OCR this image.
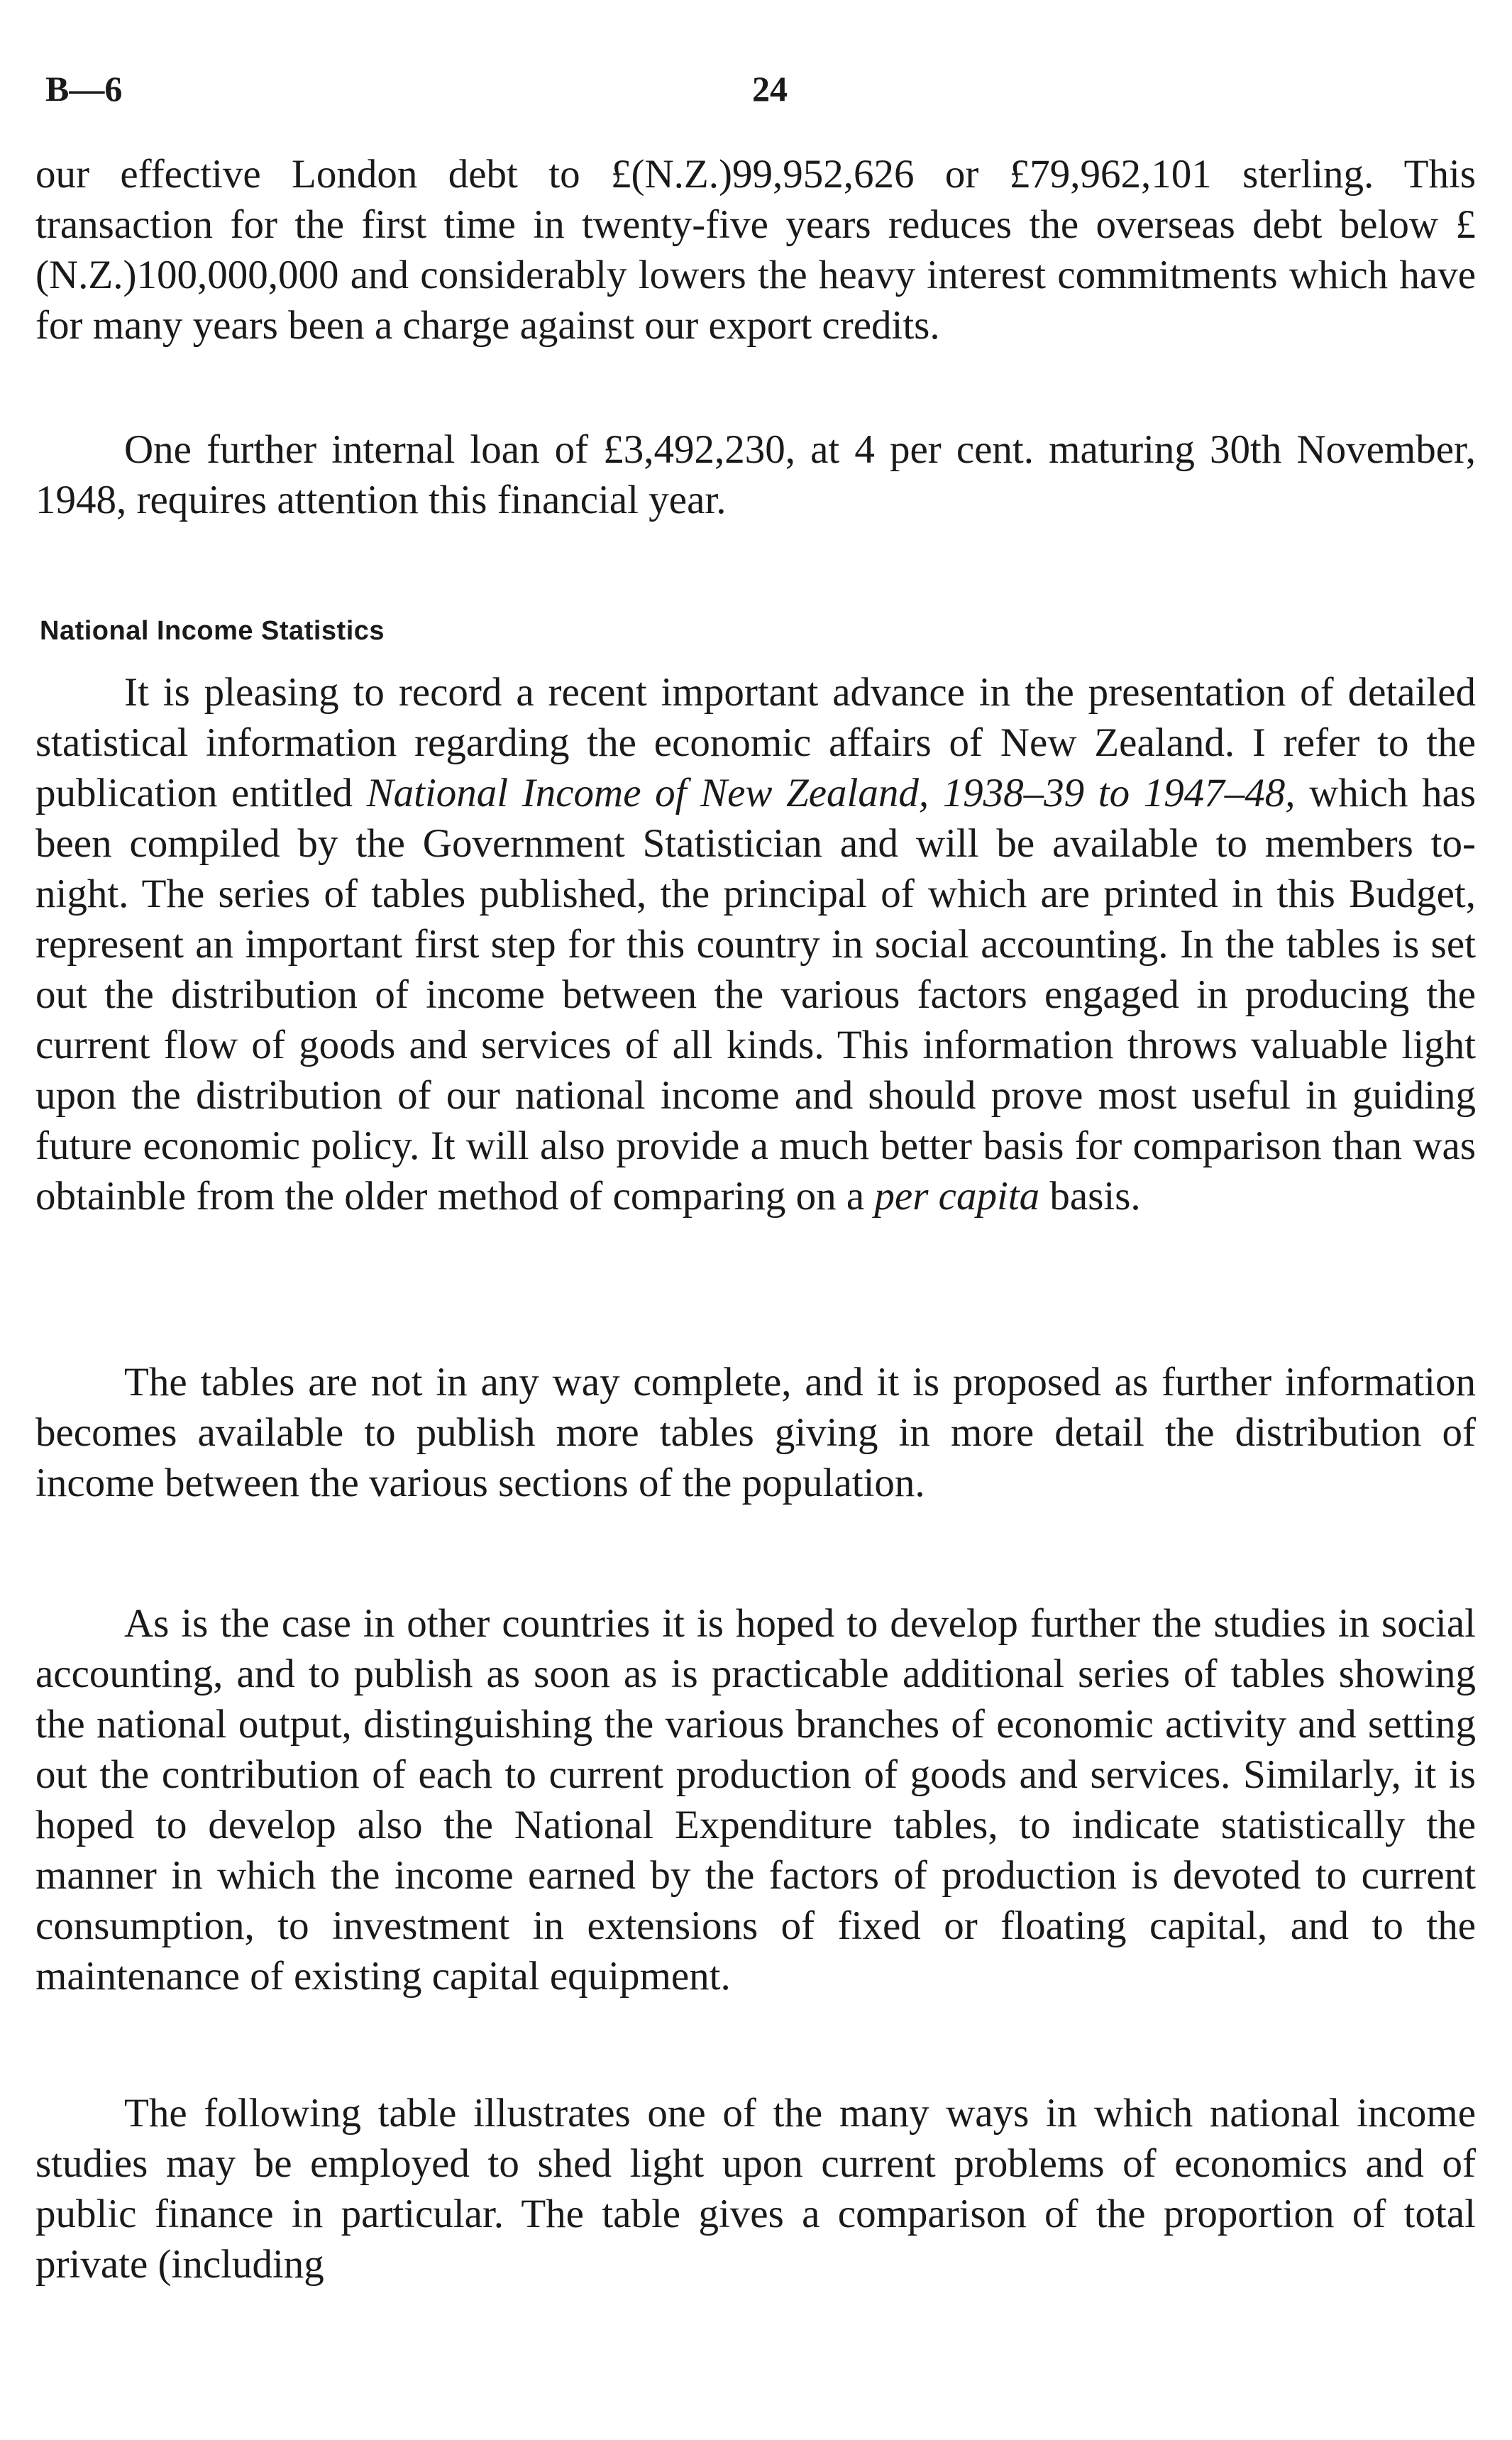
B—6	24

our effective London debt to £(N.Z.)99,952,626 or £79,962,101 sterling. This transaction for the first time in twenty-five years reduces the overseas debt below £(N.Z.)100,000,000 and considerably lowers the heavy interest commitments which have for many years been a charge against our export credits.

One further internal loan of £3,492,230, at 4 per cent. maturing 30th November, 1948, requires attention this financial year.

National Income Statistics

It is pleasing to record a recent important advance in the presentation of detailed statistical information regarding the economic affairs of New Zealand. I refer to the publication entitled National Income of New Zealand, 1938–39 to 1947–48, which has been compiled by the Government Statistician and will be available to members to-night. The series of tables published, the principal of which are printed in this Budget, represent an important first step for this country in social accounting. In the tables is set out the distribution of income between the various factors engaged in producing the current flow of goods and services of all kinds. This information throws valuable light upon the distribution of our national income and should prove most useful in guiding future economic policy. It will also provide a much better basis for comparison than was obtainble from the older method of comparing on a per capita basis.

The tables are not in any way complete, and it is proposed as further information becomes available to publish more tables giving in more detail the distribution of income between the various sections of the population.

As is the case in other countries it is hoped to develop further the studies in social accounting, and to publish as soon as is practicable additional series of tables showing the national output, distinguishing the various branches of economic activity and setting out the contribution of each to current production of goods and services. Similarly, it is hoped to develop also the National Expenditure tables, to indicate statistically the manner in which the income earned by the factors of production is devoted to current consumption, to investment in extensions of fixed or floating capital, and to the maintenance of existing capital equipment.

The following table illustrates one of the many ways in which national income studies may be employed to shed light upon current problems of economics and of public finance in particular. The table gives a comparison of the proportion of total private (including
